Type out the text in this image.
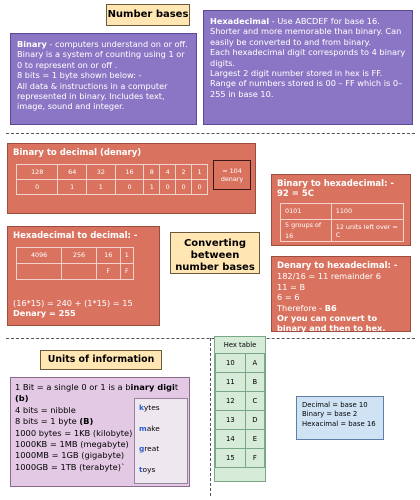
Number bases
Binary - computers understand on or off. Binary is a system of counting using 1 or 0 to represent on or off .
8 bits = 1 byte shown below: -
All data & instructions in a computer represented in binary. Includes text, image, sound and integer.
Hexadecimal - Use ABCDEF for base 16. Shorter and more memorable than binary. Can easily be converted to and from binary.
Each hexadecimal digit corresponds to 4 binary digits.
Largest 2 digit number stored in hex is FF.
Range of numbers stored is 00 – FF which is 0–255 in base 10.
Binary to decimal (denary)
128	64	32	16	8	4	2	1
0	1	1	0	1	0	0	0
= 104 denary	Binary to hexadecimal: -
92 = 5C
0101	1100
5 groups of 16	12 units left over = C
Hexadecimal to decimal: -
4096	256	16	1
		F	F
(16*15) = 240 + (1*15) = 15 Denary = 255
Converting between number bases	Denary to hexadecimal: -
182/16 = 11 remainder 6
11 = B
6 = 6
Therefore - B6
Or you can convert to binary and then to hex.
Units of information
1 Bit = a single 0 or 1 is a binary digit (b)
4 bits = nibble
8 bits = 1 byte (B)
1000 bytes = 1KB (kilobyte)
1000KB = 1MB (megabyte)
1000MB = 1GB (gigabyte)
1000GB = 1TB (terabyte)`
kytes
make
great
toys
Hex table
10	A
11	B
12	C
13	D
14	E
15	F
Decimal = base 10
Binary = base 2
Hexacimal = base 16
